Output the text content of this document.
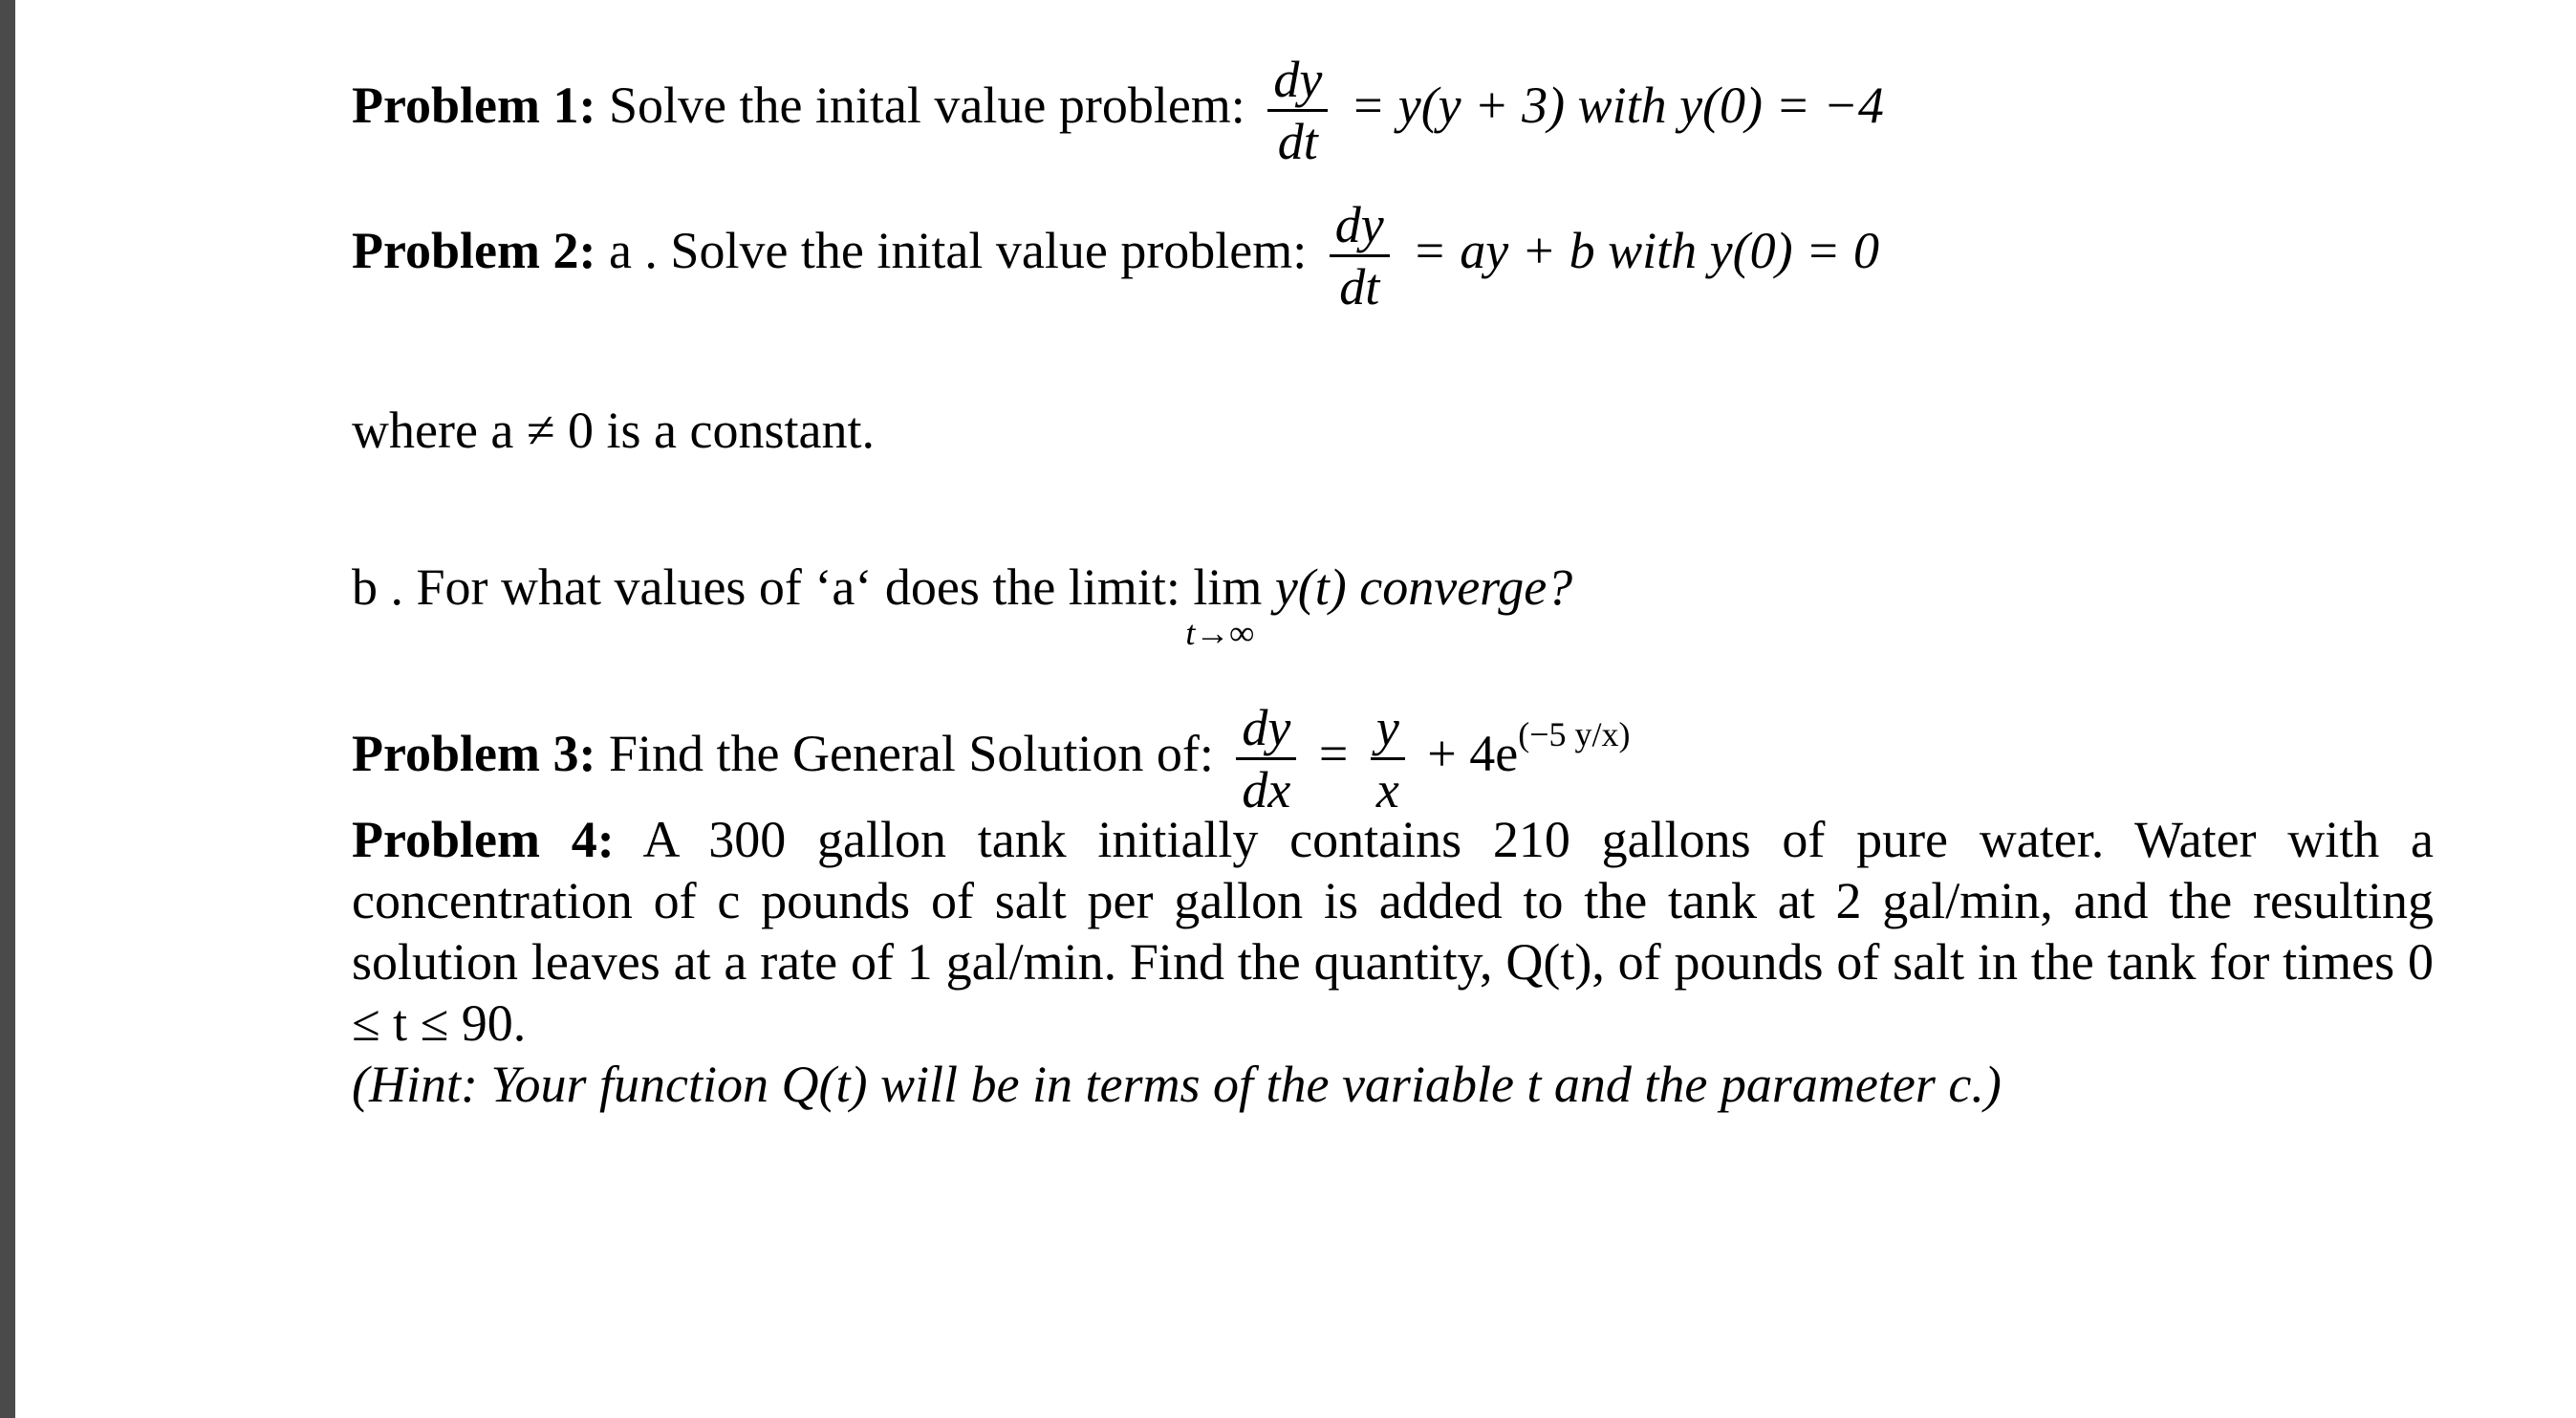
Problem 1: Solve the inital value problem: $\frac{dy}{dt} = y(y + 3)$ with y(0) = −4
Problem 2: a . Solve the inital value problem: $\frac{dy}{dt}$ = ay + b with y(0) = 0
where a ≠ 0 is a constant.
b . For what values of ‘a‘ does the limit: lim
t→∞
y(t) converge?
Problem 3: Find the General Solution of: $\frac{dy}{dx} = \frac{y}{x} + 4e^{(-5 y/x)}$
Problem 4: A 300 gallon tank initially contains 210 gallons of pure water. Water with a concentration of c pounds of salt per gallon is added to the tank at 2 gal/min, and the resulting solution leaves at a rate of 1 gal/min. Find the quantity, Q(t), of pounds of salt in the tank for times 0 ≤ t ≤ 90.
(Hint: Your function Q(t) will be in terms of the variable t and the parameter c.)
